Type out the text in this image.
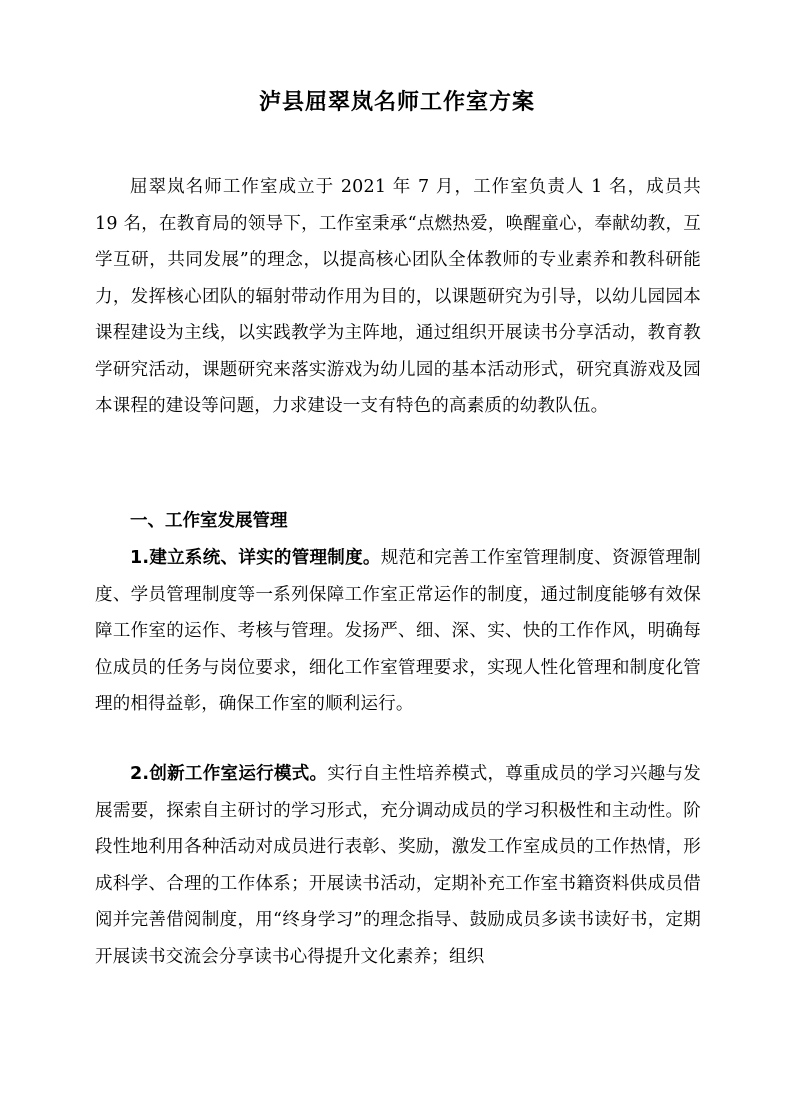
泸县屈翠岚名师工作室方案
屈翠岚名师工作室成立于 2021 年 7 月，工作室负责人 1 名，成员共 19 名，在教育局的领导下，工作室秉承“点燃热爱，唤醒童心，奉献幼教，互学互研，共同发展”的理念，以提高核心团队全体教师的专业素养和教科研能力，发挥核心团队的辐射带动作用为目的，以课题研究为引导，以幼儿园园本课程建设为主线，以实践教学为主阵地，通过组织开展读书分享活动，教育教学研究活动，课题研究来落实游戏为幼儿园的基本活动形式，研究真游戏及园本课程的建设等问题，力求建设一支有特色的高素质的幼教队伍。
一、工作室发展管理
1.建立系统、详实的管理制度。规范和完善工作室管理制度、资源管理制度、学员管理制度等一系列保障工作室正常运作的制度，通过制度能够有效保障工作室的运作、考核与管理。发扬严、细、深、实、快的工作作风，明确每位成员的任务与岗位要求，细化工作室管理要求，实现人性化管理和制度化管理的相得益彰，确保工作室的顺利运行。
2.创新工作室运行模式。实行自主性培养模式，尊重成员的学习兴趣与发展需要，探索自主研讨的学习形式，充分调动成员的学习积极性和主动性。阶段性地利用各种活动对成员进行表彰、奖励，激发工作室成员的工作热情，形成科学、合理的工作体系；开展读书活动，定期补充工作室书籍资料供成员借阅并完善借阅制度，用“终身学习”的理念指导、鼓励成员多读书读好书，定期开展读书交流会分享读书心得提升文化素养；组织
